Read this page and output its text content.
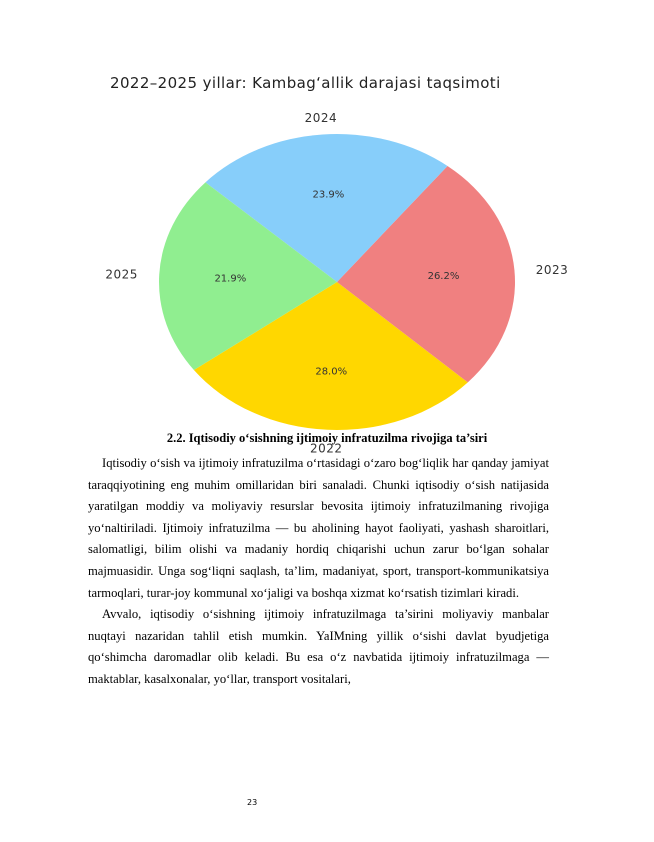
2022–2025 yillar: Kambag‘allik darajasi taqsimoti
28.0%
2022
26.2%	2023
23.9%
2024
21.9%
2025
2.2. Iqtisodiy o‘sishning ijtimoiy infratuzilma rivojiga ta’siri

Iqtisodiy o‘sish va ijtimoiy infratuzilma o‘rtasidagi o‘zaro bog‘liqlik har qanday jamiyat taraqqiyotining eng muhim omillaridan biri sanaladi. Chunki iqtisodiy o‘sish natijasida yaratilgan moddiy va moliyaviy resurslar bevosita ijtimoiy infratuzilmaning rivojiga yo‘naltiriladi. Ijtimoiy infratuzilma — bu aholining hayot faoliyati, yashash sharoitlari, salomatligi, bilim olishi va madaniy hordiq chiqarishi uchun zarur bo‘lgan sohalar majmuasidir. Unga sog‘liqni saqlash, ta’lim, madaniyat, sport, transport-kommunikatsiya tarmoqlari, turar-joy kommunal xo‘jaligi va boshqa xizmat ko‘rsatish tizimlari kiradi.

Avvalo, iqtisodiy o‘sishning ijtimoiy infratuzilmaga ta’sirini moliyaviy manbalar nuqtayi nazaridan tahlil etish mumkin. YaIMning yillik o‘sishi davlat byudjetiga qo‘shimcha daromadlar olib keladi. Bu esa o‘z navbatida ijtimoiy infratuzilmaga — maktablar, kasalxonalar, yo‘llar, transport vositalari,

23
